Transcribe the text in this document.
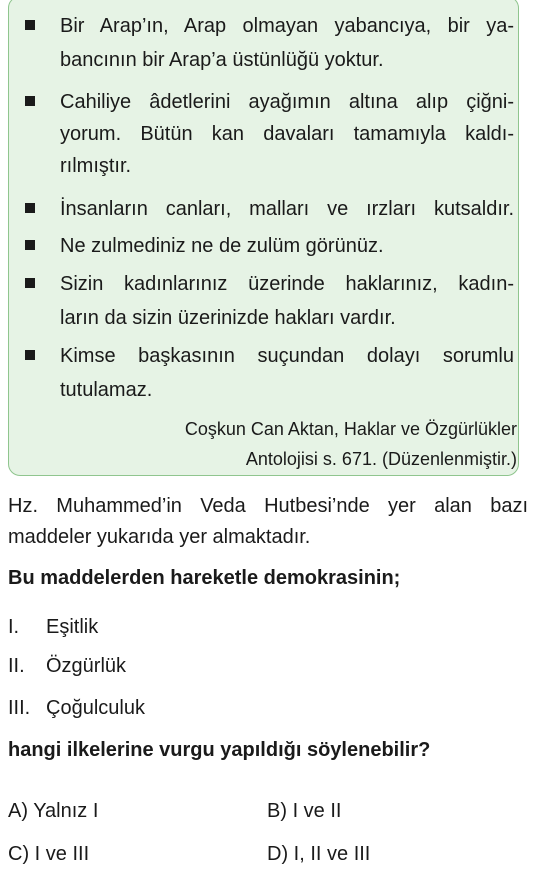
Bir Arap’ın, Arap olmayan yabancıya, bir ya-
bancının bir Arap’a üstünlüğü yoktur.
Cahiliye âdetlerini ayağımın altına alıp çiğni-
yorum. Bütün kan davaları tamamıyla kaldı-
rılmıştır.
İnsanların canları, malları ve ırzları kutsaldır.
Ne zulmediniz ne de zulüm görünüz.
Sizin kadınlarınız üzerinde haklarınız, kadın-
ların da sizin üzerinizde hakları vardır.
Kimse başkasının suçundan dolayı sorumlu
tutulamaz.
Coşkun Can Aktan, Haklar ve Özgürlükler
Antolojisi s. 671. (Düzenlenmiştir.)
Hz. Muhammed’in Veda Hutbesi’nde yer alan bazı
maddeler yukarıda yer almaktadır.
Bu maddelerden hareketle demokrasinin;
I. Eşitlik
II. Özgürlük
III. Çoğulculuk
hangi ilkelerine vurgu yapıldığı söylenebilir?
A) Yalnız I	B) I ve II
C) I ve III	D) I, II ve III
